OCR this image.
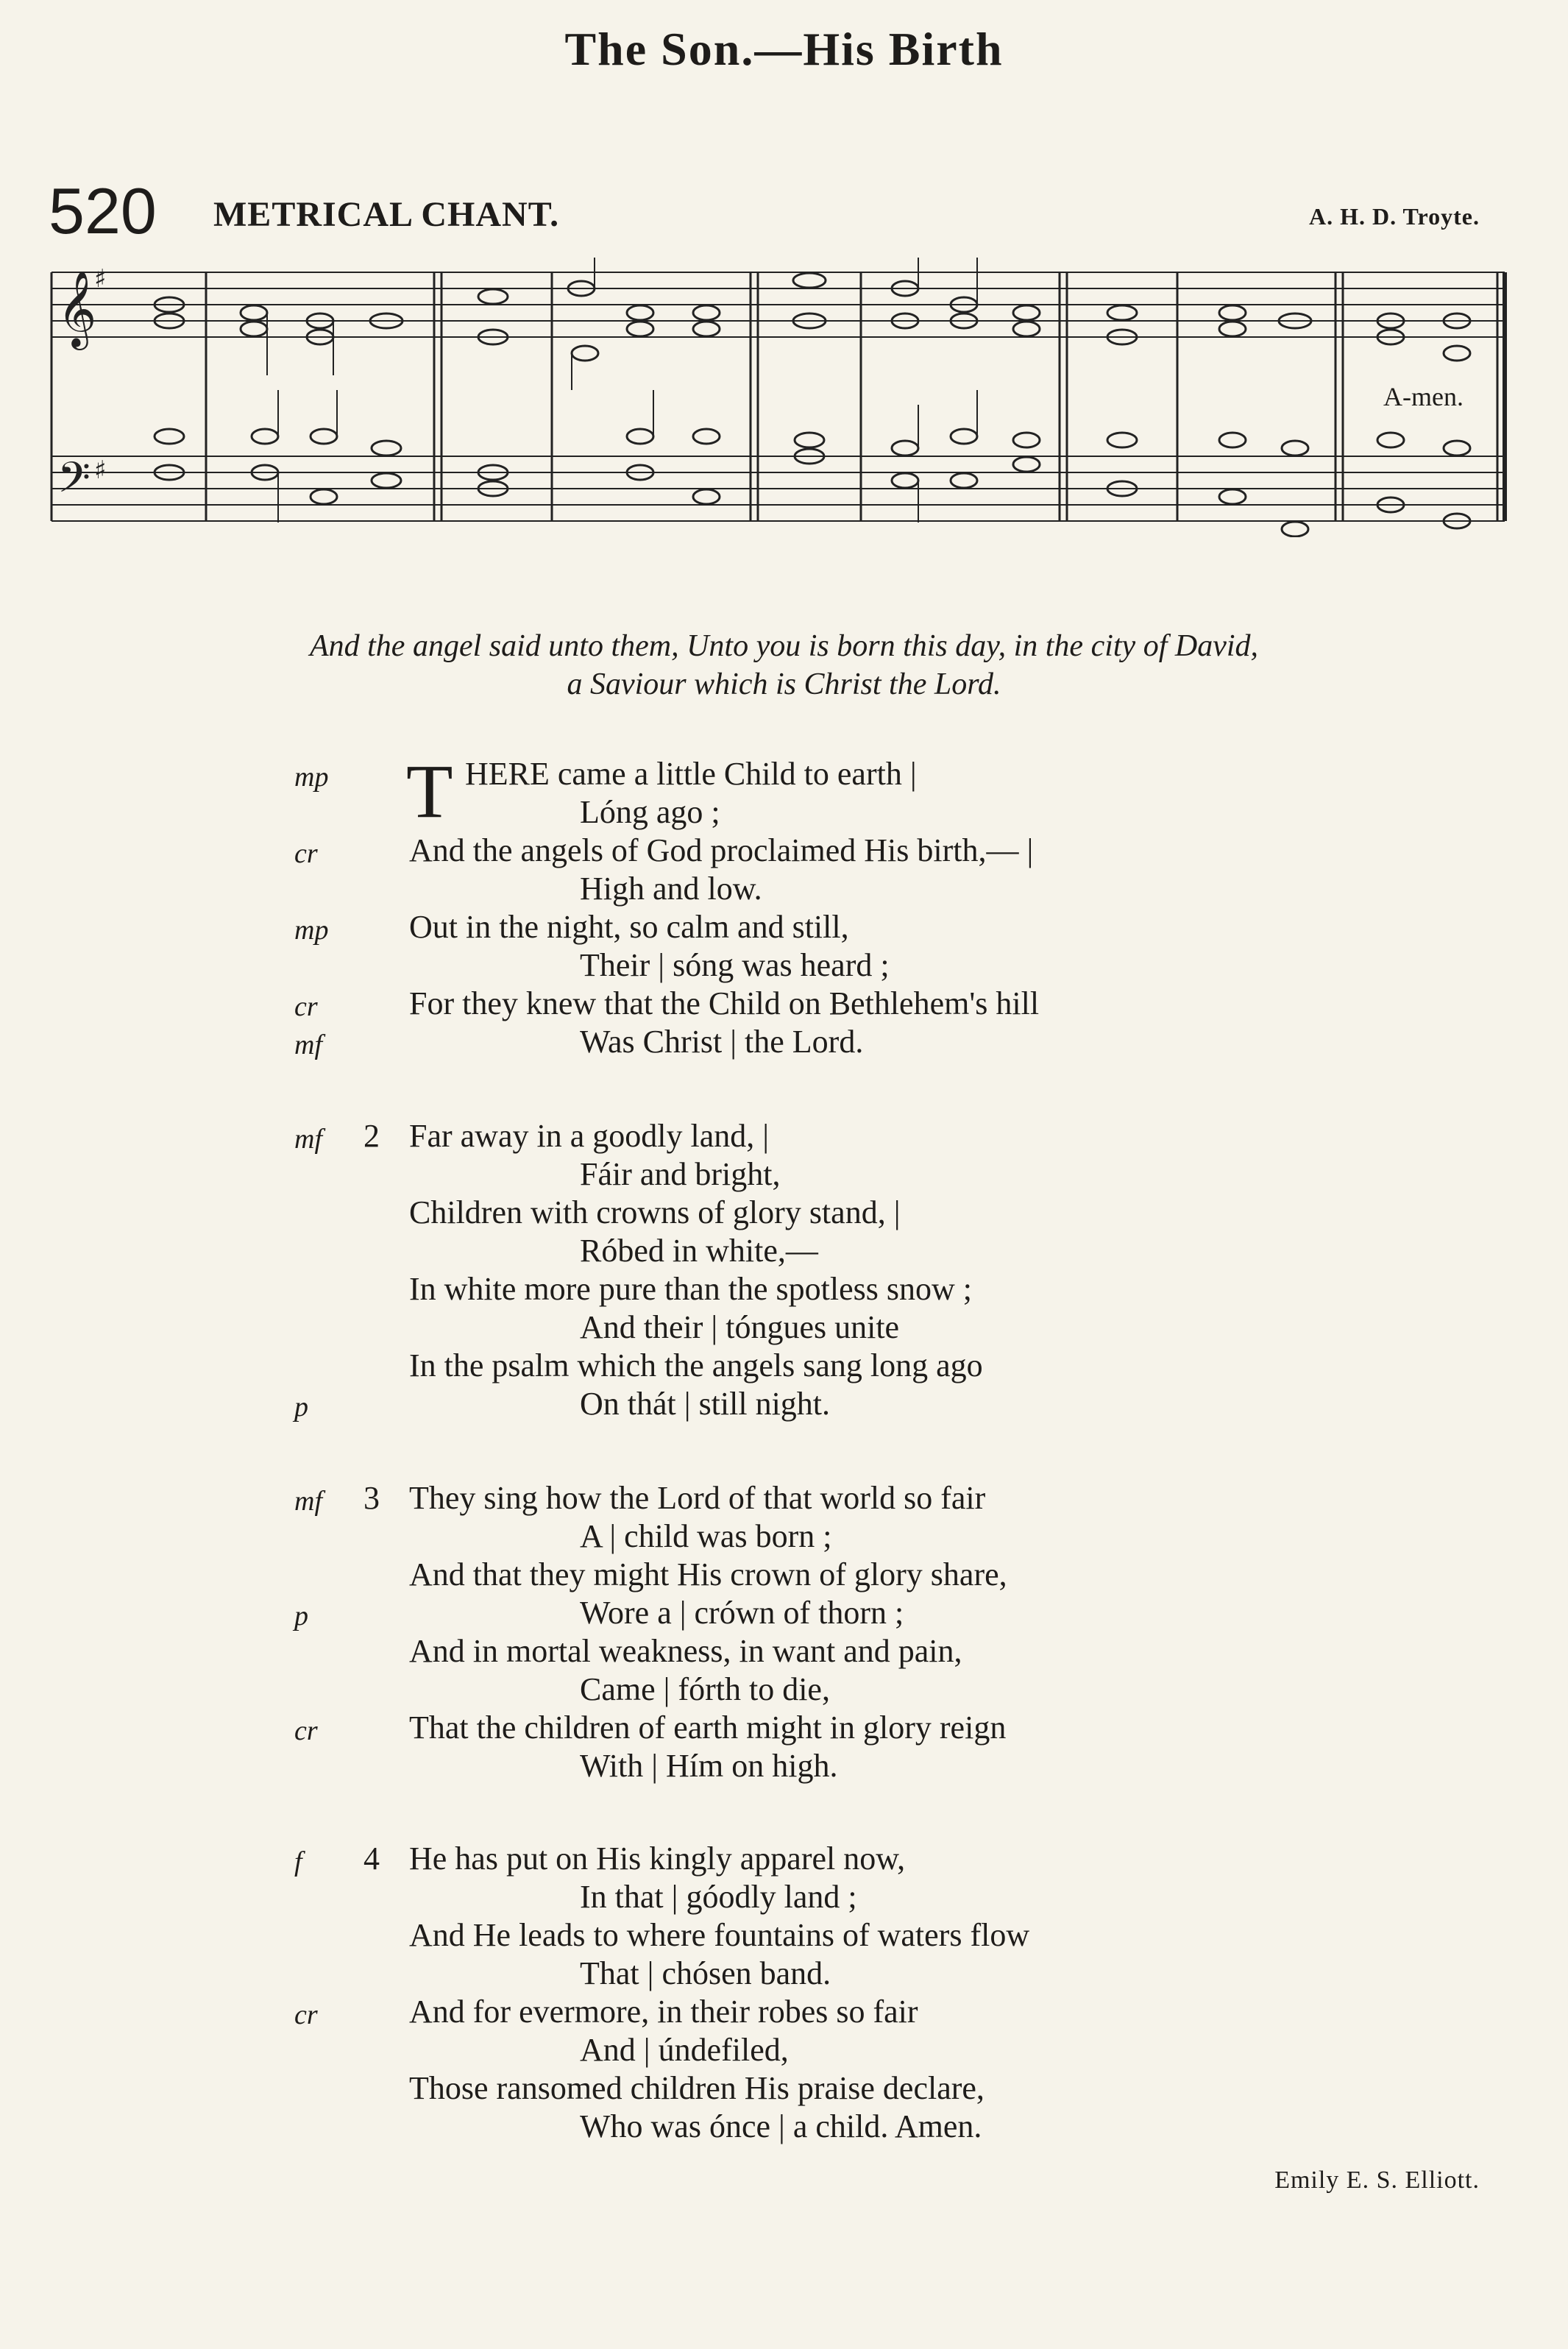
The Son.—His Birth
520 METRICAL CHANT.	A. H. D. Troyte.
𝄞
𝄢
♯
♯
A-men.
And the angel said unto them, Unto you is born this day, in the city of David,
a Saviour which is Christ the Lord.
T
mp	HERE came a little Child to earth |
Lóng ago ;
cr	And the angels of God proclaimed His birth,— |
High and low.
mp Out in the night, so calm and still,
Their | sóng was heard ;
cr	For they knew that the Child on Bethlehem's hill
mf	Was Christ | the Lord.
mf 2 Far away in a goodly land, |
Fáir and bright,
Children with crowns of glory stand, |
Róbed in white,—
In white more pure than the spotless snow ;
And their | tóngues unite
In the psalm which the angels sang long ago
p	On thát | still night.
mf 3 They sing how the Lord of that world so fair
A | child was born ;
And that they might His crown of glory share,
p	Wore a | crówn of thorn ;
And in mortal weakness, in want and pain,
Came | fórth to die,
cr	That the children of earth might in glory reign
With | Hím on high.
f 4 He has put on His kingly apparel now,
In that | góodly land ;
And He leads to where fountains of waters flow
That | chósen band.
cr	And for evermore, in their robes so fair
And | úndefiled,
Those ransomed children His praise declare,
Who was ónce | a child. Amen.
Emily E. S. Elliott.
